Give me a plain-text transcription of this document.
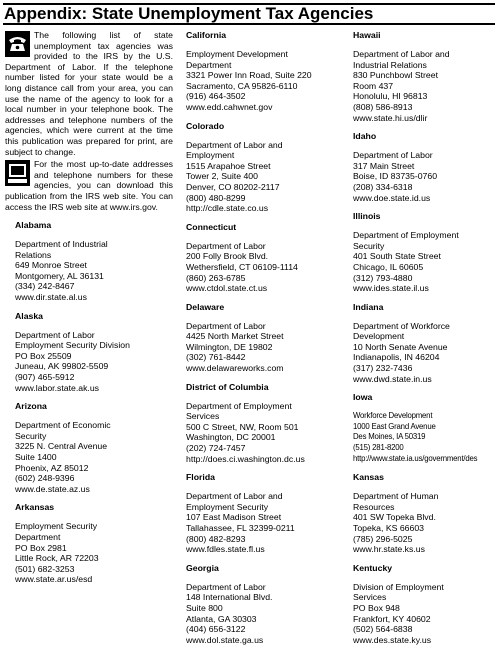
Appendix: State Unemployment Tax Agencies
The following list of state unemployment tax agencies was provided to the IRS by the U.S. Department of Labor. If the telephone number listed for your state would be a long distance call from your area, you can use the name of the agency to look for a local number in your telephone book. The addresses and telephone numbers of the agencies, which were current at the time this publication was prepared for print, are subject to change.
For the most up-to-date addresses and telephone numbers for these agencies, you can download this publication from the IRS web site. You can access the IRS web site at www.irs.gov.
Alabama
Department of Industrial
Relations
649 Monroe Street
Montgomery, AL 36131
(334) 242-8467
www.dir.state.al.us
Alaska
Department of Labor
Employment Security Division
PO Box 25509
Juneau, AK 99802-5509
(907) 465-5912
www.labor.state.ak.us
Arizona
Department of Economic
Security
3225 N. Central Avenue
Suite 1400
Phoenix, AZ 85012
(602) 248-9396
www.de.state.az.us
Arkansas
Employment Security
Department
PO Box 2981
Little Rock, AR 72203
(501) 682-3253
www.state.ar.us/esd
California
Employment Development
Department
3321 Power Inn Road, Suite 220
Sacramento, CA 95826-6110
(916) 464-3502
www.edd.cahwnet.gov
Colorado
Department of Labor and
Employment
1515 Arapahoe Street
Tower 2, Suite 400
Denver, CO 80202-2117
(800) 480-8299
http://cdle.state.co.us
Connecticut
Department of Labor
200 Folly Brook Blvd.
Wethersfield, CT 06109-1114
(860) 263-6785
www.ctdol.state.ct.us
Delaware
Department of Labor
4425 North Market Street
Wilmington, DE 19802
(302) 761-8442
www.delawareworks.com
District of Columbia
Department of Employment
Services
500 C Street, NW, Room 501
Washington, DC 20001
(202) 724-7457
http://does.ci.washington.dc.us
Florida
Department of Labor and
Employment Security
107 East Madison Street
Tallahassee, FL 32399-0211
(800) 482-8293
www.fdles.state.fl.us
Georgia
Department of Labor
148 International Blvd.
Suite 800
Atlanta, GA 30303
(404) 656-3122
www.dol.state.ga.us
Hawaii
Department of Labor and
Industrial Relations
830 Punchbowl Street
Room 437
Honolulu, HI 96813
(808) 586-8913
www.state.hi.us/dlir
Idaho
Department of Labor
317 Main Street
Boise, ID 83735-0760
(208) 334-6318
www.doe.state.id.us
Illinois
Department of Employment
Security
401 South State Street
Chicago, IL 60605
(312) 793-4880
www.ides.state.il.us
Indiana
Department of Workforce
Development
10 North Senate Avenue
Indianapolis, IN 46204
(317) 232-7436
www.dwd.state.in.us
Iowa
Workforce Development
1000 East Grand Avenue
Des Moines, IA 50319
(515) 281-8200
http://www.state.ia.us/government/des
Kansas
Department of Human
Resources
401 SW Topeka Blvd.
Topeka, KS 66603
(785) 296-5025
www.hr.state.ks.us
Kentucky
Division of Employment
Services
PO Box 948
Frankfort, KY 40602
(502) 564-6838
www.des.state.ky.us
